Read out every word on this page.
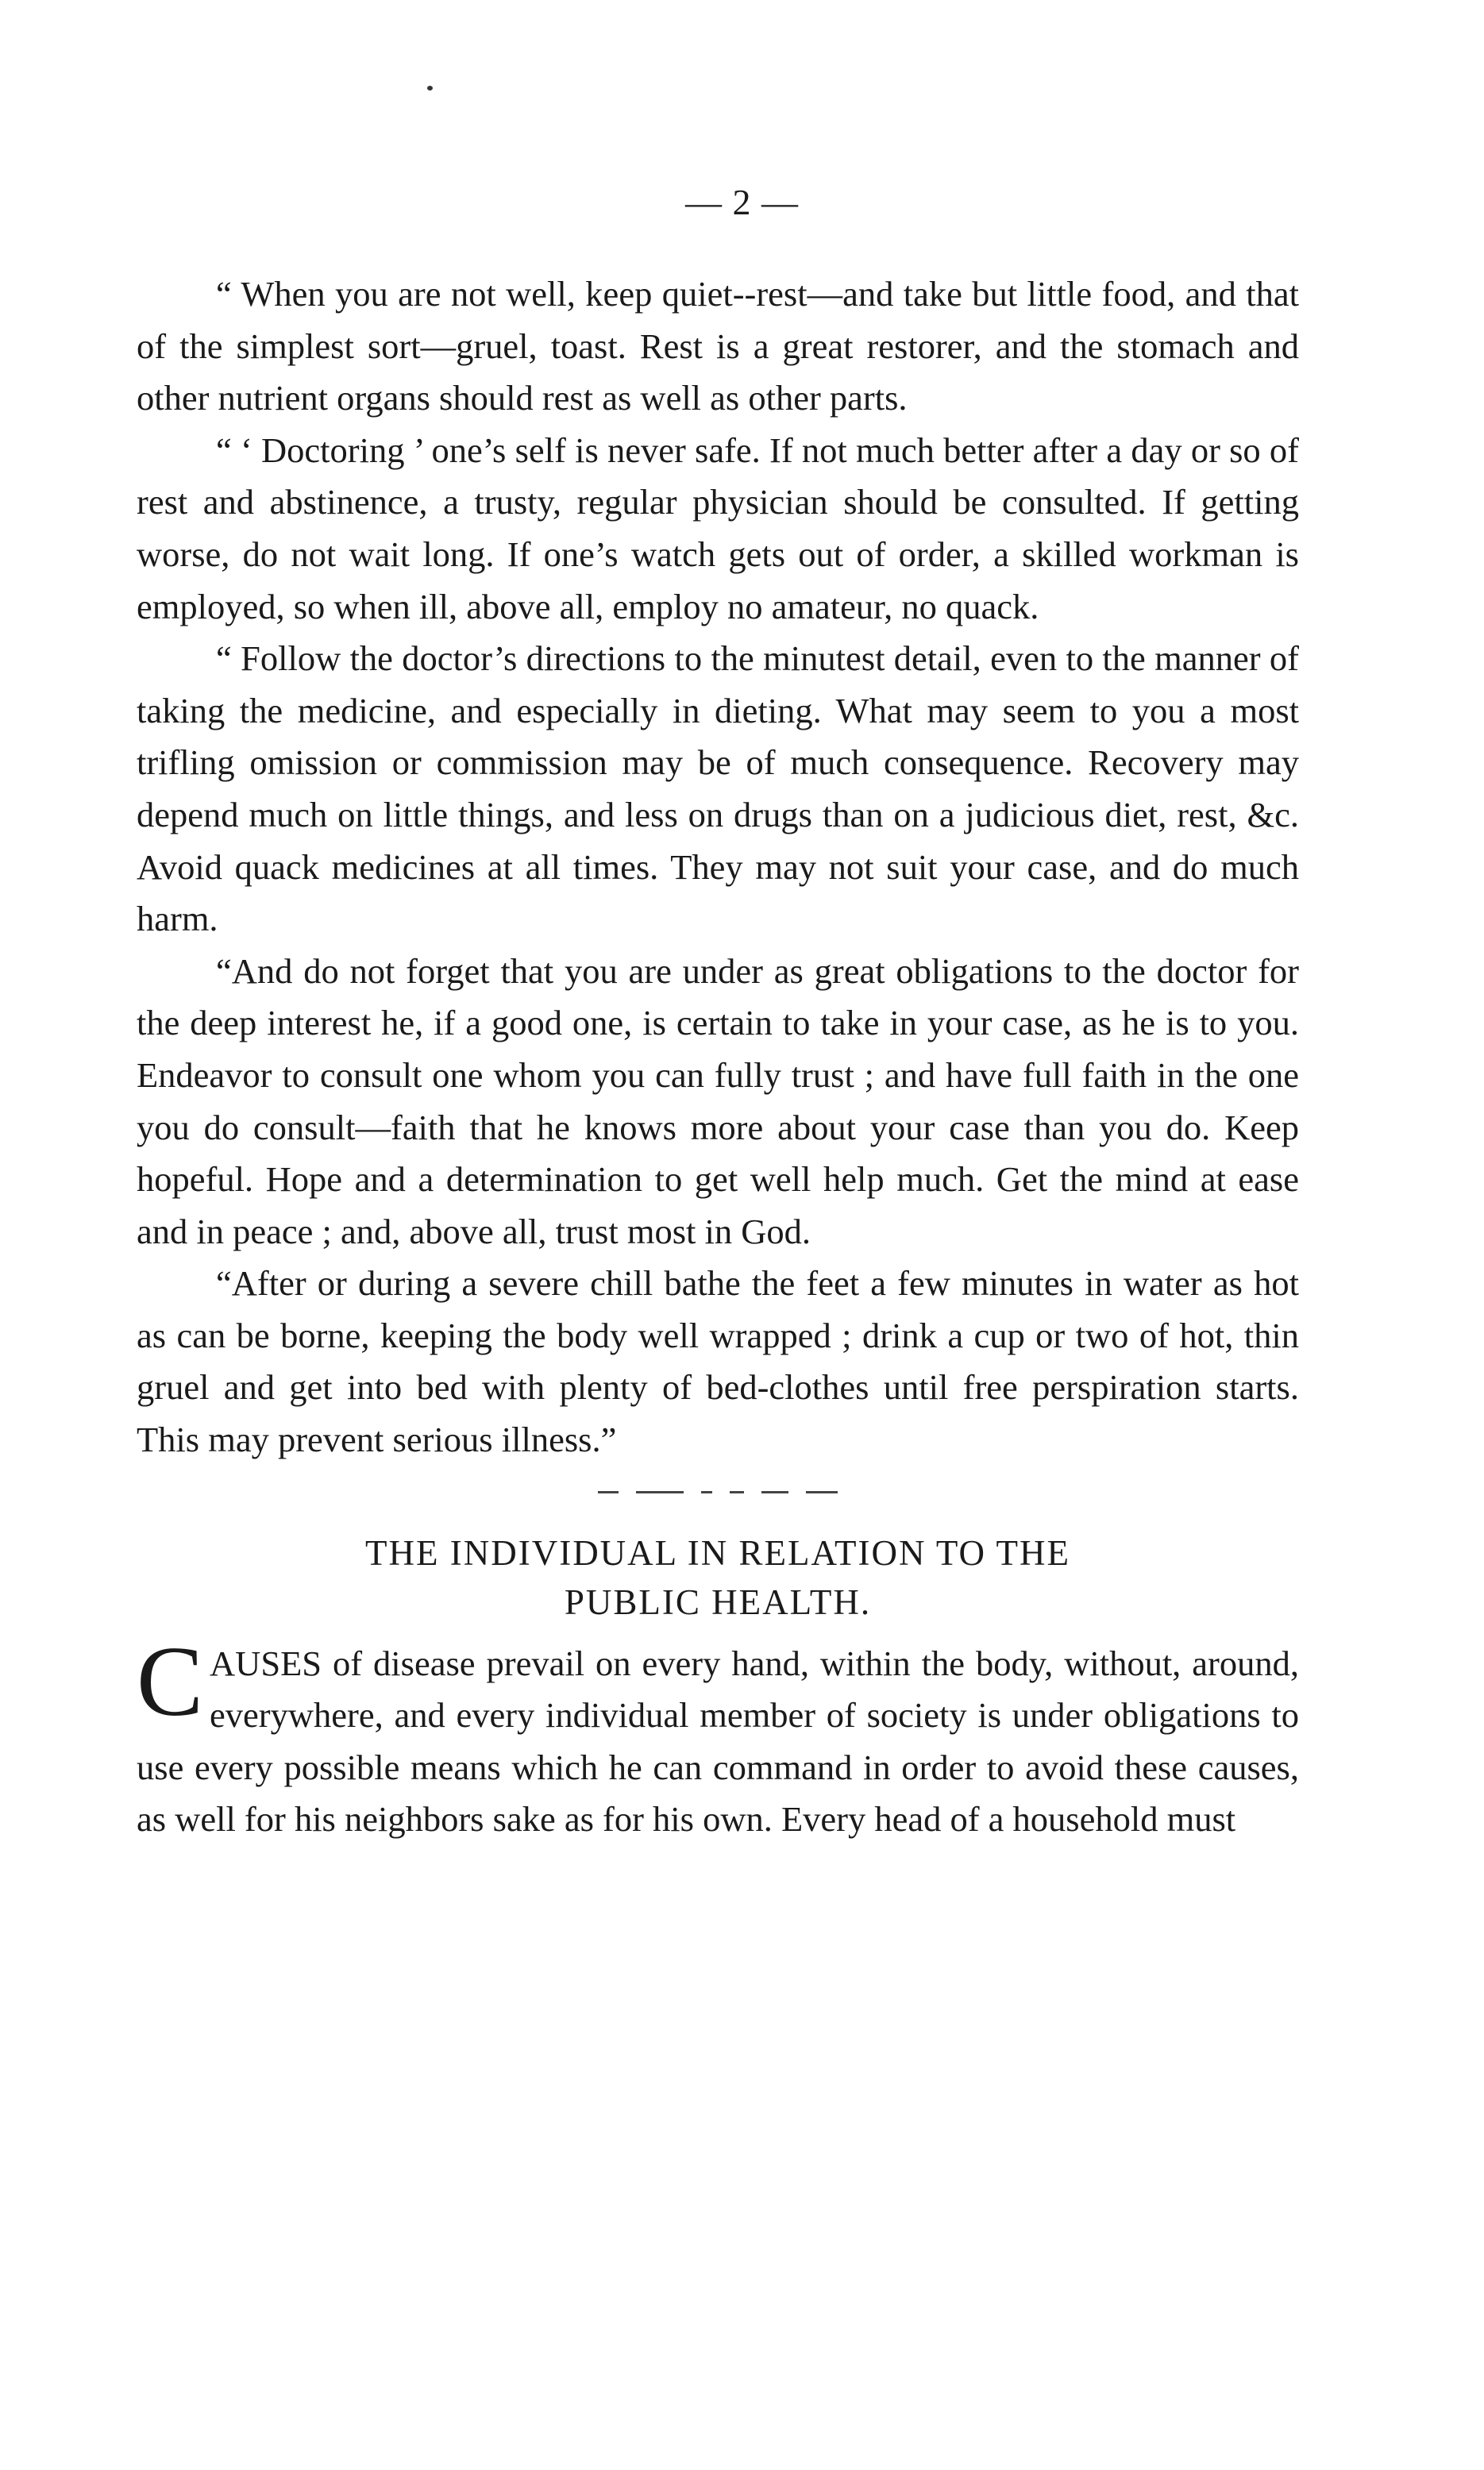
— 2 —

“ When you are not well, keep quiet--rest—and take but little food, and that of the simplest sort—gruel, toast. Rest is a great restorer, and the stomach and other nutrient organs should rest as well as other parts.

“ ‘ Doctoring ’ one’s self is never safe. If not much better after a day or so of rest and abstinence, a trusty, regular physician should be consulted. If getting worse, do not wait long. If one’s watch gets out of order, a skilled workman is employed, so when ill, above all, employ no amateur, no quack.

“ Follow the doctor’s directions to the minutest detail, even to the manner of taking the medicine, and especially in dieting. What may seem to you a most trifling omission or commission may be of much consequence. Recovery may depend much on little things, and less on drugs than on a judicious diet, rest, &c. Avoid quack medicines at all times. They may not suit your case, and do much harm.

“And do not forget that you are under as great obligations to the doctor for the deep interest he, if a good one, is certain to take in your case, as he is to you. Endeavor to consult one whom you can fully trust ; and have full faith in the one you do consult—faith that he knows more about your case than you do. Keep hopeful. Hope and a determination to get well help much. Get the mind at ease and in peace ; and, above all, trust most in God.

“After or during a severe chill bathe the feet a few minutes in water as hot as can be borne, keeping the body well wrapped ; drink a cup or two of hot, thin gruel and get into bed with plenty of bed-clothes until free perspiration starts. This may prevent serious illness.”

THE INDIVIDUAL IN RELATION TO THE
PUBLIC HEALTH.

CAUSES of disease prevail on every hand, within the body, without, around, everywhere, and every individual member of society is under obligations to use every possible means which he can command in order to avoid these causes, as well for his neighbors sake as for his own. Every head of a household must
